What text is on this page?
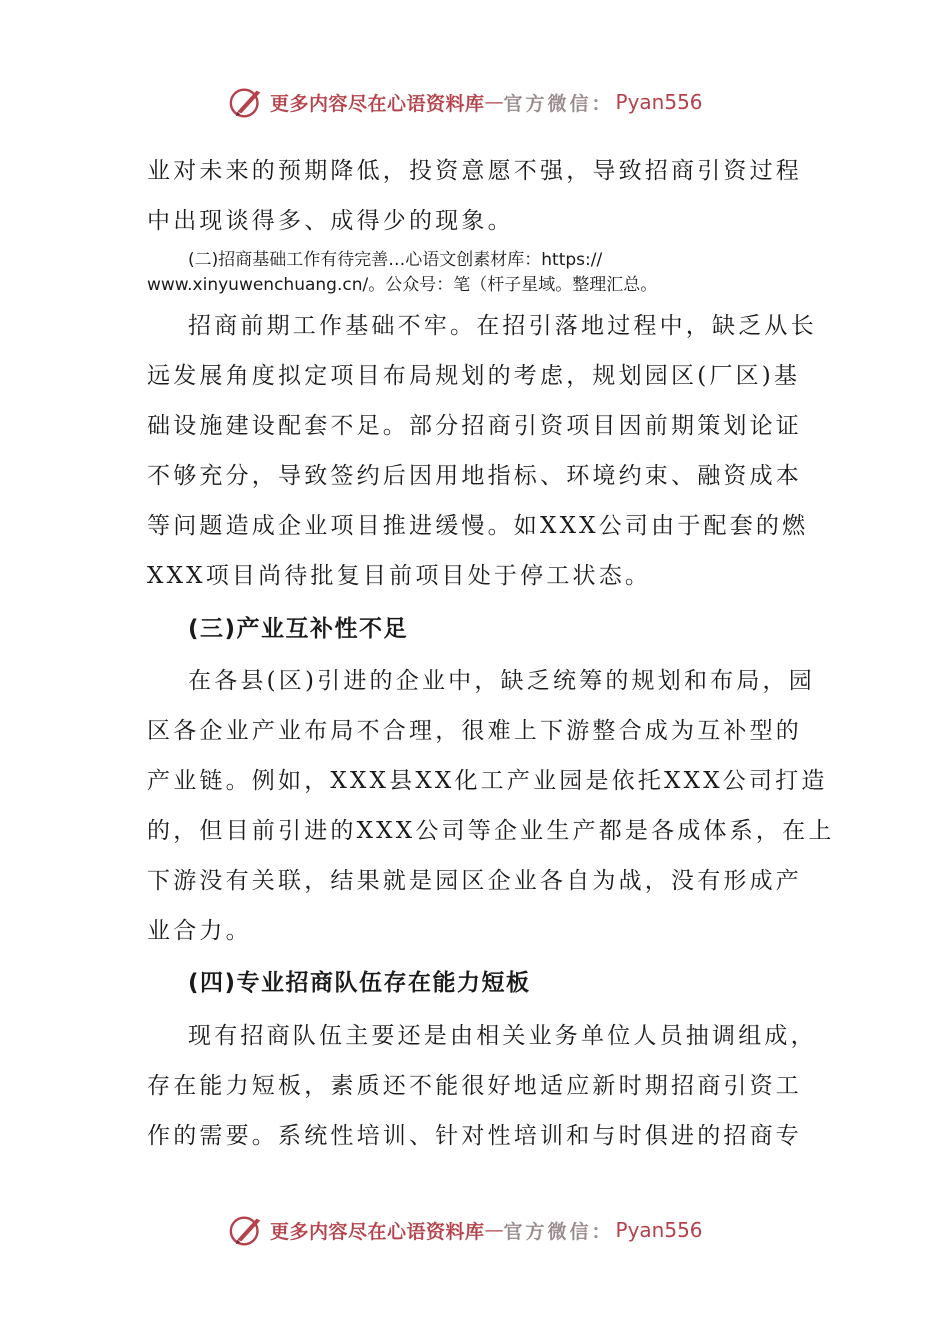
更多内容尽在心语资料库 — 官方微信： Pyan556
业对未来的预期降低，投资意愿不强，导致招商引资过程
中出现谈得多、成得少的现象。
(二)招商基础工作有待完善…心语文创素材库：https://
www.xinyuwenchuang.cn/。公众号：笔（杆子星域。整理汇总。
招商前期工作基础不牢。在招引落地过程中，缺乏从长
远发展角度拟定项目布局规划的考虑，规划园区(厂区)基
础设施建设配套不足。部分招商引资项目因前期策划论证
不够充分，导致签约后因用地指标、环境约束、融资成本
等问题造成企业项目推进缓慢。如XXX公司由于配套的燃
XXX项目尚待批复目前项目处于停工状态。
(三)产业互补性不足
在各县(区)引进的企业中，缺乏统筹的规划和布局，园
区各企业产业布局不合理，很难上下游整合成为互补型的
产业链。例如，XXX县XX化工产业园是依托XXX公司打造
的，但目前引进的XXX公司等企业生产都是各成体系，在上
下游没有关联，结果就是园区企业各自为战，没有形成产
业合力。
(四)专业招商队伍存在能力短板
现有招商队伍主要还是由相关业务单位人员抽调组成，
存在能力短板，素质还不能很好地适应新时期招商引资工
作的需要。系统性培训、针对性培训和与时俱进的招商专
更多内容尽在心语资料库 — 官方微信： Pyan556
